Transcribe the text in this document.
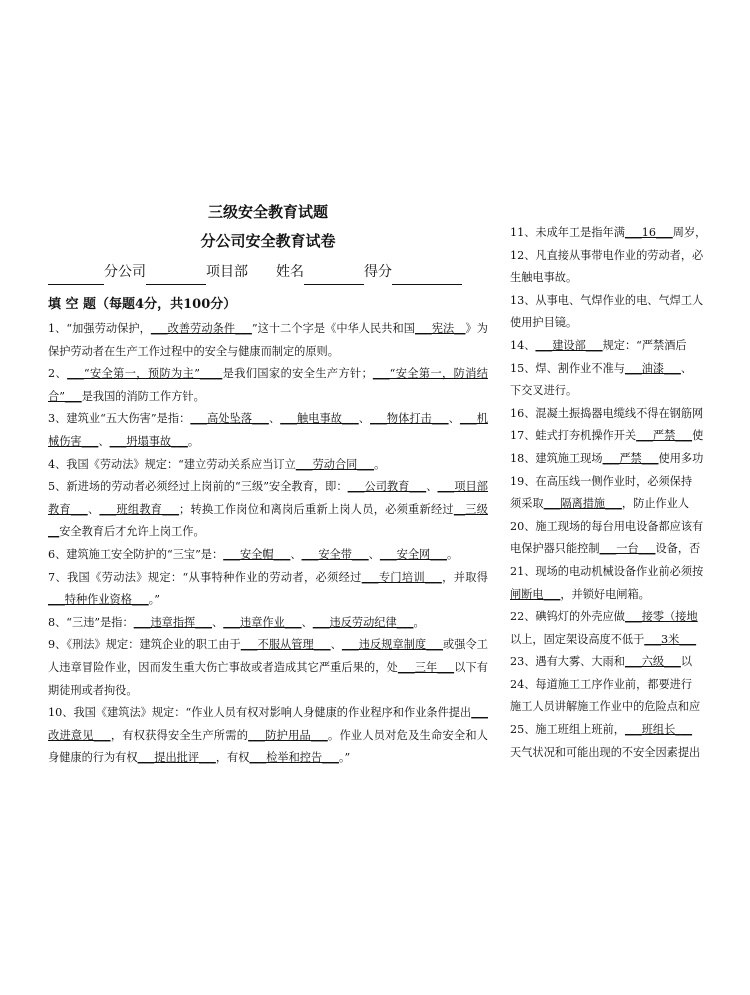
三级安全教育试题
分公司安全教育试卷
分公司	项目部 姓名	得分
填 空 题（每题4分，共100分）

1、“加强劳动保护，___改善劳动条件___”这十二个字是《中华人民共和国___宪法__》为保护劳动者在生产工作过程中的安全与健康而制定的原则。

2、___“安全第一，预防为主”____是我们国家的安全生产方针；___“安全第一，防消结合”___是我国的消防工作方针。

3、建筑业“五大伤害”是指：___高处坠落___、___触电事故___、___物体打击___、___机械伤害___、___坍塌事故___。

4、我国《劳动法》规定：“建立劳动关系应当订立___劳动合同___。

5、新进场的劳动者必须经过上岗前的“三级”安全教育，即：___公司教育___、___项目部教育___、___班组教育___；转换工作岗位和离岗后重新上岗人员，必须重新经过__三级__安全教育后才允许上岗工作。

6、建筑施工安全防护的“三宝”是：___安全帽___、___安全带___、___安全网___。

7、我国《劳动法》规定：“从事特种作业的劳动者，必须经过___专门培训___，并取得___特种作业资格___。”

8、“三违”是指：___违章指挥___、___违章作业___、___违反劳动纪律___。

9、《刑法》规定：建筑企业的职工由于___不服从管理___、___违反规章制度___或强令工人违章冒险作业，因而发生重大伤亡事故或者造成其它严重后果的，处___三年___以下有期徒刑或者拘役。

10、我国《建筑法》规定：“作业人员有权对影响人身健康的作业程序和作业条件提出___改进意见___，有权获得安全生产所需的___防护用品___。作业人员对危及生命安全和人身健康的行为有权___提出批评___，有权___检举和控告___。”

11、未成年工是指年满___16___周岁，

12、凡直接从事带电作业的劳动者，必

生触电事故。

13、从事电、气焊作业的电、气焊工人

使用护目镜。

14、___建设部___规定：“严禁酒后

15、焊、割作业不准与___油漆___、

下交叉进行。

16、混凝土振捣器电缆线不得在钢筋网

17、蛙式打夯机操作开关___严禁___使

18、建筑施工现场___严禁___使用多功

19、在高压线一侧作业时，必须保持

须采取___隔离措施___，防止作业人

20、施工现场的每台用电设备都应该有

电保护器只能控制___一台___设备，否

21、现场的电动机械设备作业前必须按

闸断电___，并锁好电闸箱。

22、碘钨灯的外壳应做___接零（接地

以上，固定架设高度不低于___3米___

23、遇有大雾、大雨和___六级___以

24、每道施工工序作业前，都要进行

施工人员讲解施工作业中的危险点和应

25、施工班组上班前，___班组长___

天气状况和可能出现的不安全因素提出
